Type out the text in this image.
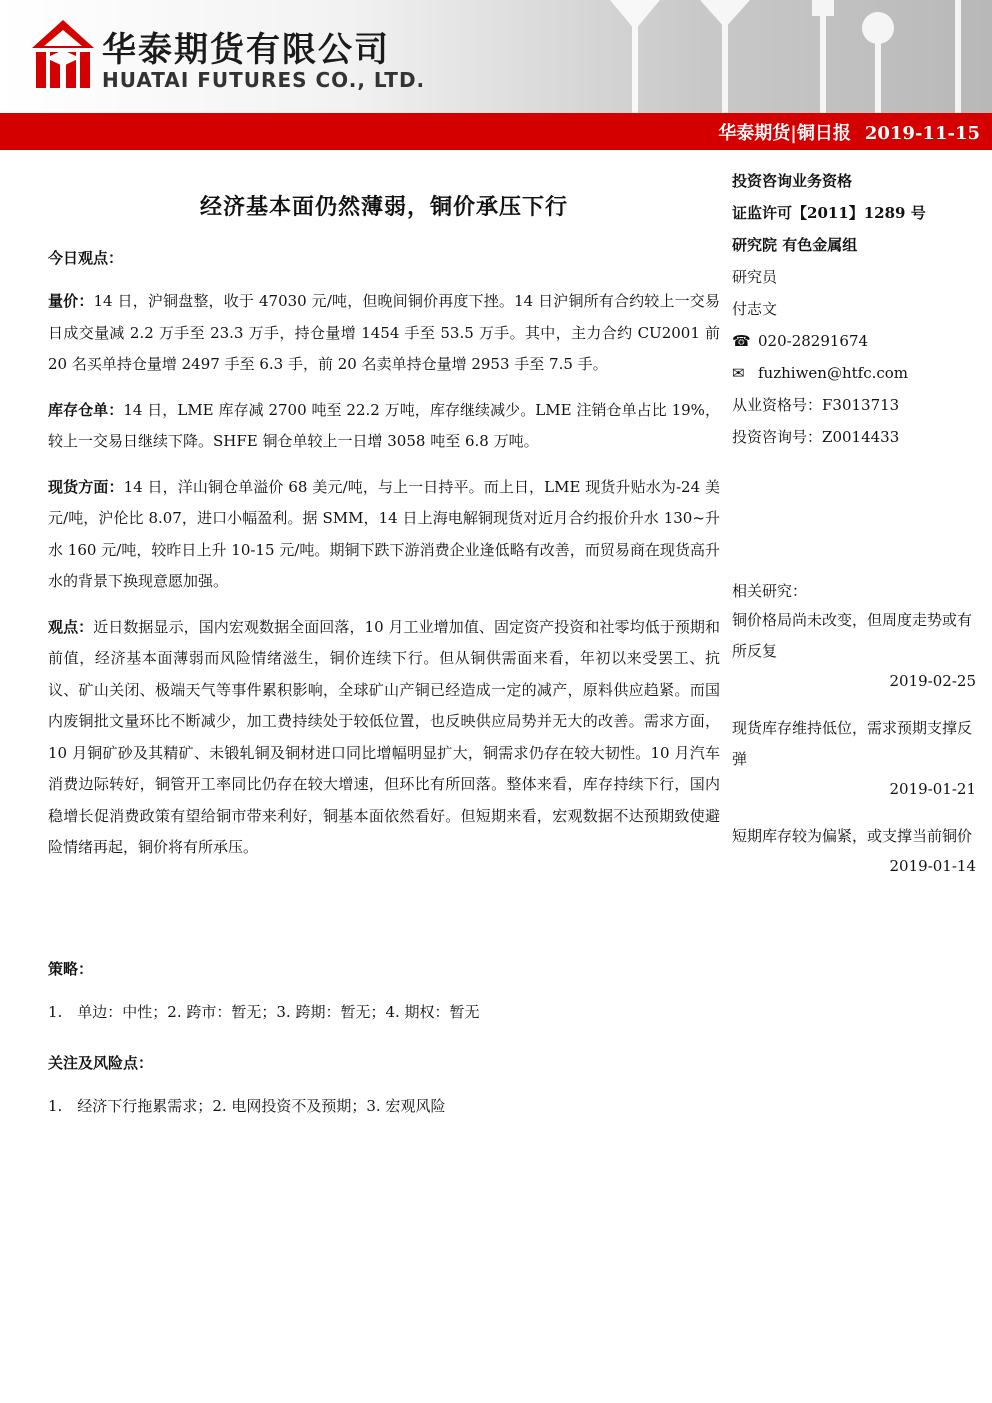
华泰期货有限公司
HUATAI FUTURES CO., LTD.
华泰期货|铜日报 2019-11-15
经济基本面仍然薄弱，铜价承压下行
今日观点：

量价：14 日，沪铜盘整，收于 47030 元/吨，但晚间铜价再度下挫。14 日沪铜所有合约较上一交易日成交量减 2.2 万手至 23.3 万手，持仓量增 1454 手至 53.5 万手。其中，主力合约 CU2001 前 20 名买单持仓量增 2497 手至 6.3 手，前 20 名卖单持仓量增 2953 手至 7.5 手。

库存仓单：14 日，LME 库存减 2700 吨至 22.2 万吨，库存继续减少。LME 注销仓单占比 19%，较上一交易日继续下降。SHFE 铜仓单较上一日增 3058 吨至 6.8 万吨。

现货方面：14 日，洋山铜仓单溢价 68 美元/吨，与上一日持平。而上日，LME 现货升贴水为-24 美元/吨，沪伦比 8.07，进口小幅盈利。据 SMM，14 日上海电解铜现货对近月合约报价升水 130~升水 160 元/吨，较昨日上升 10-15 元/吨。期铜下跌下游消费企业逢低略有改善，而贸易商在现货高升水的背景下换现意愿加强。

观点：近日数据显示，国内宏观数据全面回落，10 月工业增加值、固定资产投资和社零均低于预期和前值，经济基本面薄弱而风险情绪滋生，铜价连续下行。但从铜供需面来看，年初以来受罢工、抗议、矿山关闭、极端天气等事件累积影响，全球矿山产铜已经造成一定的减产，原料供应趋紧。而国内废铜批文量环比不断减少，加工费持续处于较低位置，也反映供应局势并无大的改善。需求方面，10 月铜矿砂及其精矿、未锻轧铜及铜材进口同比增幅明显扩大，铜需求仍存在较大韧性。10 月汽车消费边际转好，铜管开工率同比仍存在较大增速，但环比有所回落。整体来看，库存持续下行，国内稳增长促消费政策有望给铜市带来利好，铜基本面依然看好。但短期来看，宏观数据不达预期致使避险情绪再起，铜价将有所承压。

策略：
1.　单边：中性；2. 跨市：暂无；3. 跨期：暂无；4. 期权：暂无
关注及风险点：
1.　经济下行拖累需求；2. 电网投资不及预期；3. 宏观风险
投资咨询业务资格
证监许可【2011】1289 号
研究院 有色金属组
研究员
付志文
☎ 020-28291674
✉ fuzhiwen@htfc.com
从业资格号：F3013713
投资咨询号：Z0014433
相关研究：
铜价格局尚未改变，但周度走势或有所反复
2019-02-25
现货库存维持低位，需求预期支撑反弹
2019-01-21
短期库存较为偏紧，或支撑当前铜价
2019-01-14
